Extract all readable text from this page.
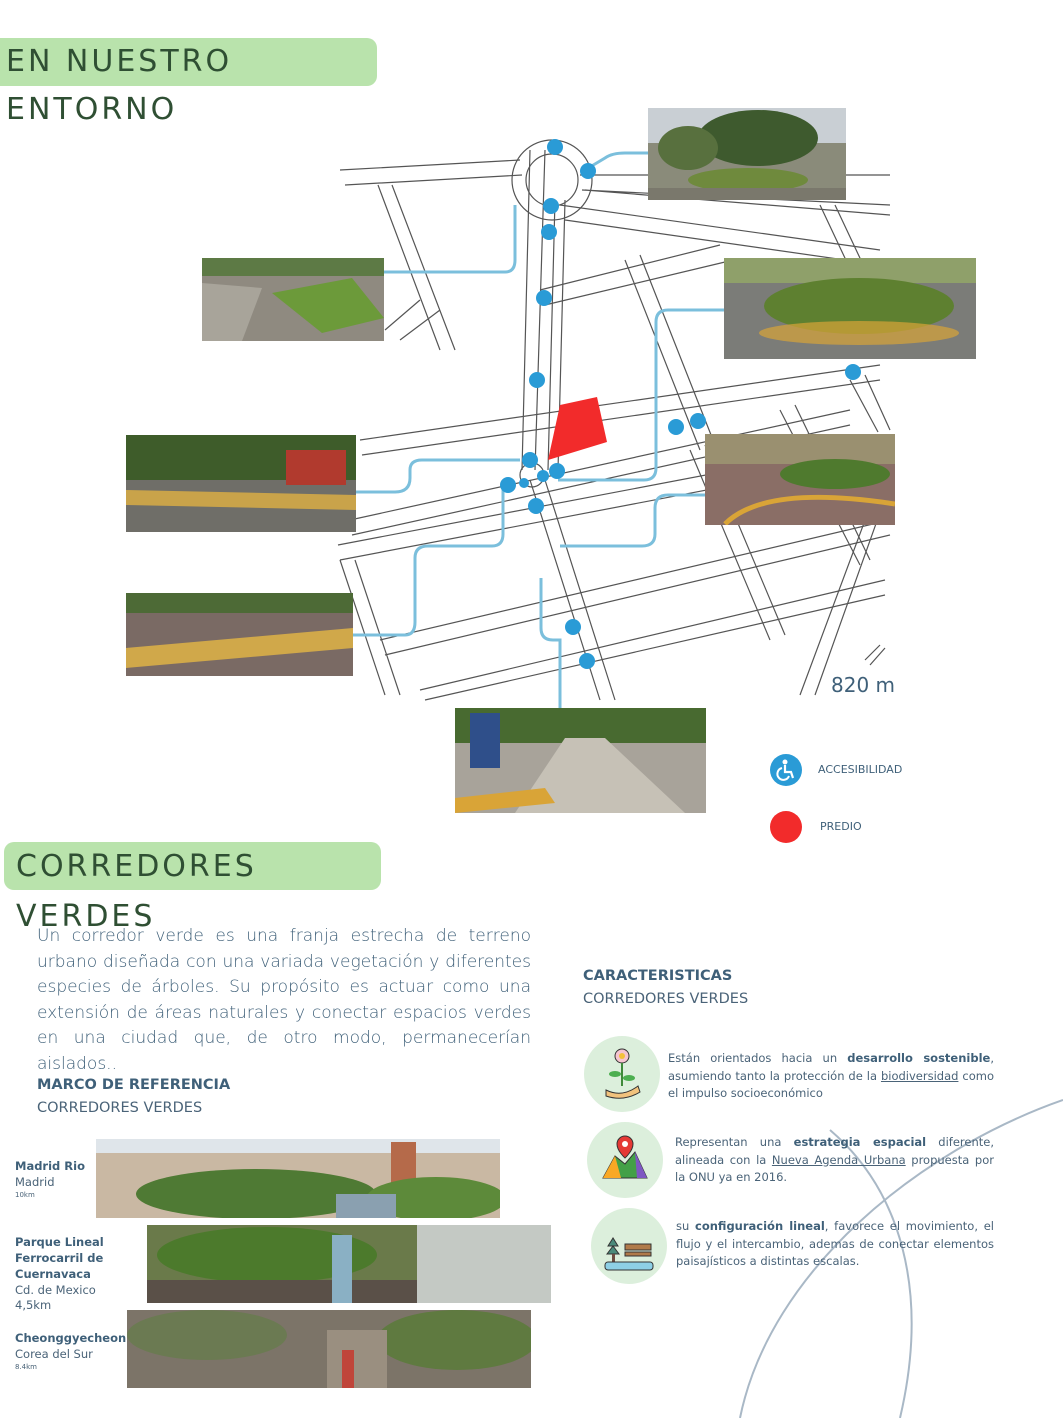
EN NUESTRO ENTORNO
820 m
ACCESIBILIDAD
PREDIO
CORREDORES VERDES
Un corredor verde es una franja estrecha de terreno urbano diseñada con una variada vegetación y diferentes especies de árboles. Su propósito es actuar como una extensión de áreas naturales y conectar espacios verdes en una ciudad que, de otro modo, permanecerían aislados..
MARCO DE REFERENCIA
CORREDORES VERDES
Madrid Rio
Madrid
10km
Parque Lineal Ferrocarril de Cuernavaca
Cd. de Mexico
4,5km
Cheonggyecheon
Corea del Sur
8.4km
CARACTERISTICAS
CORREDORES VERDES
Están orientados hacia un desarrollo sostenible, asumiendo tanto la protección de la biodiversidad como el impulso socioeconómico
Representan una estrategia espacial diferente, alineada con la Nueva Agenda Urbana propuesta por la ONU ya en 2016.
su configuración lineal, favorece el movimiento, el flujo y el intercambio, ademas de conectar elementos paisajísticos a distintas escalas.
